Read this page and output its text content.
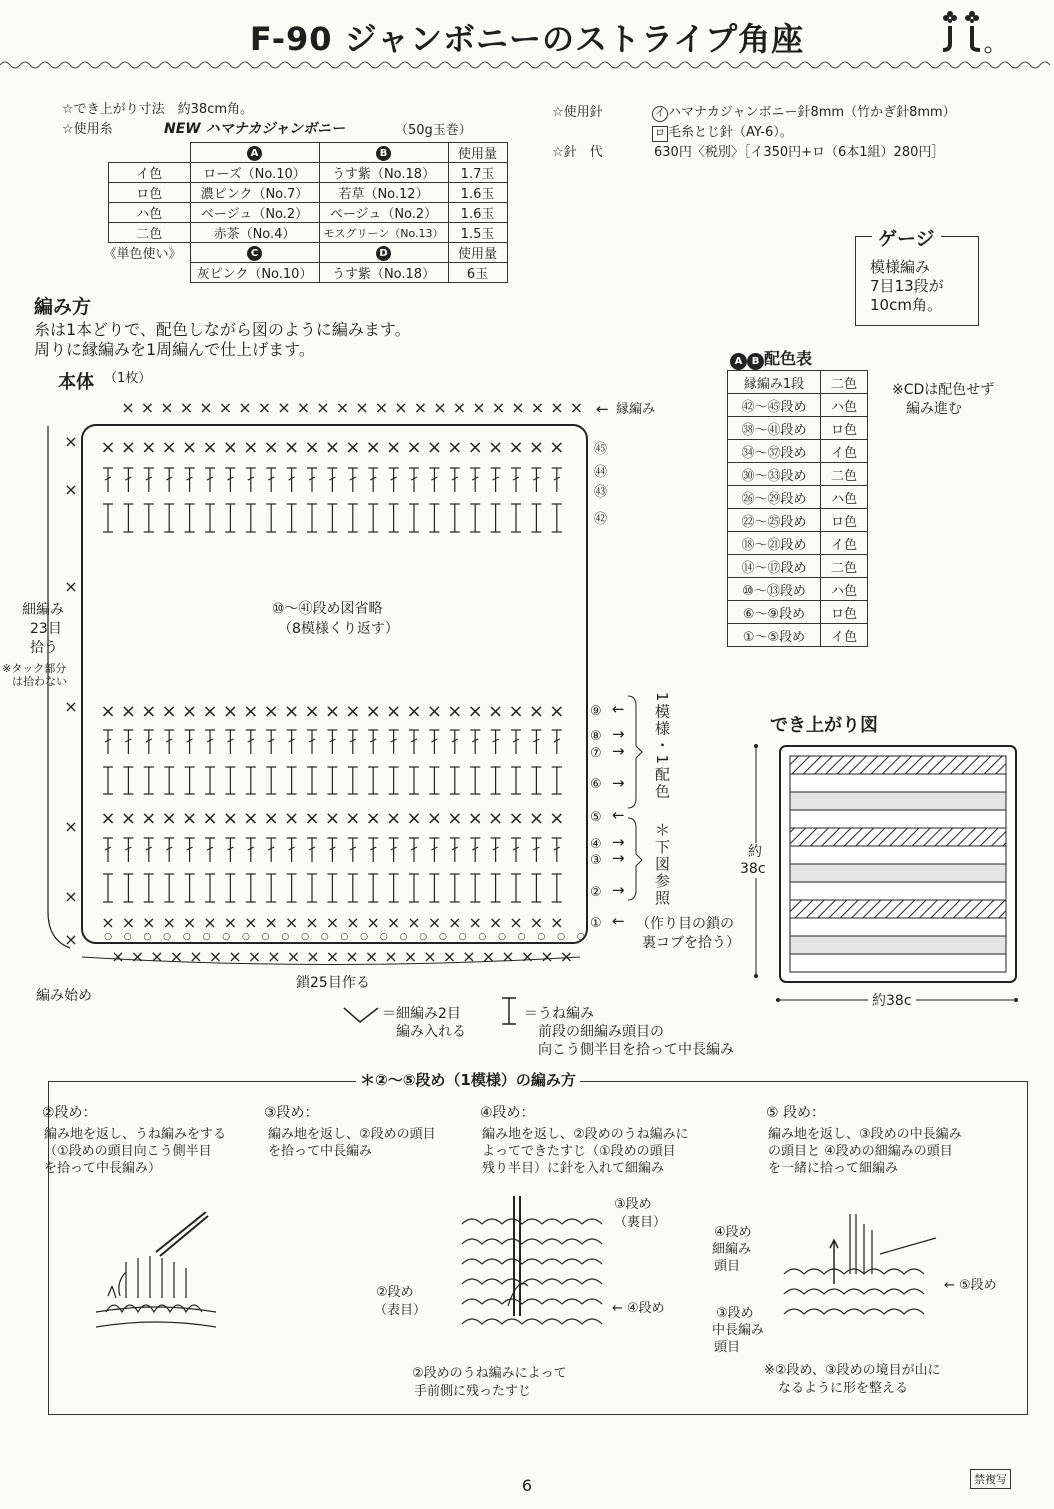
F-90 ジャンボニーのストライプ角座
☆でき上がり寸法　約38cm角。
☆使用糸	NEW ハマナカジャンボニー	（50g玉巻）
	A	B	使用量
イ色	ローズ（No.10）	うす紫（No.18）	1.7玉
ロ色	濃ピンク（No.7）	若草（No.12）	1.6玉
ハ色	ベージュ（No.2）	ベージュ（No.2）	1.6玉
二色	赤茶（No.4）	モスグリーン（No.13）	1.5玉
《単色使い》	C	D	使用量
	灰ピンク（No.10）	うす紫（No.18）	6玉
☆使用針	イ ハマナカジャンボニー針8mm（竹かぎ針8mm）
ロ 毛糸とじ針（AY-6）。
☆針　代	630円〈税別〉［イ350円+ロ（6本1組）280円］
ゲージ
模様編み
7目13段が
10cm角。
編み方
糸は1本どりで、配色しながら図のように編みます。
周りに縁編みを1周編んで仕上げます。
本体 （1枚）
× × × × × × × × × × × × × × × × × × × × × × × ×
×
×
×
×
×
×
×
× × × × × × × × × × × × × × × × × × × × × × ×
× × × × × × × × × × × × × × × × × × × × × × ×
× × × × × × × × × × × × × × × × × × × × × × ×
× × × × × × × × × × × × × × × × × × × × × × ×
○ ○ ○ ○ ○ ○ ○ ○ ○ ○ ○ ○ ○ ○ ○ ○ ○ ○ ○ ○ ○ ○ ○ ○ ○
× × × × × × × × × × × × × × × × × × × × × × × ×
縁編み
⑩～㊶段め図省略
（8模様くり返す）
細編み
23目
拾う
※タック部分
は拾わない
㊺
㊹
㊸
㊷
⑨
⑧
⑦
⑥
⑤
④
③
②
①
←
→
→
→
←
→
→
→
←
←
1模様・1配色
＊下図参照
（作り目の鎖の
裏コブを拾う）
鎖25目作る
編み始め
＝細編み2目
編み入れる
＝うね編み
前段の細編み頭目の
向こう側半目を拾って中長編み
A B 配色表
縁編み1段	二色
㊷～㊺段め	ハ色
㊳～㊶段め	ロ色
㉞～㊲段め	イ色
㉚～㉝段め	二色
㉖～㉙段め	ハ色
㉒～㉕段め	ロ色
⑱～㉑段め	イ色
⑭～⑰段め	二色
⑩～⑬段め	ハ色
⑥～⑨段め	ロ色
①～⑤段め	イ色
※CDは配色せず
編み進む
でき上がり図
約
38c
約38c
＊②～⑤段め（1模様）の編み方
②段め：
編み地を返し、うね編みをする
（①段めの頭目向こう側半目
を拾って中長編み）
③段め：
編み地を返し、②段めの頭目
を拾って中長編み
④段め：
編み地を返し、②段めのうね編みに
よってできたすじ（①段めの頭目
残り半目）に針を入れて細編み
⑤ 段め：
編み地を返し、③段めの中長編み
の頭目と ④段めの細編みの頭目
を一緒に拾って細編み
③段め
（裏目）
②段め
（表目）	← ④段め
②段めのうね編みによって
手前側に残ったすじ
④段め
細編み
頭目
← ⑤段め
③段め
中長編み
頭目
※②段め、③段めの境目が山に
なるように形を整える
6	禁複写
